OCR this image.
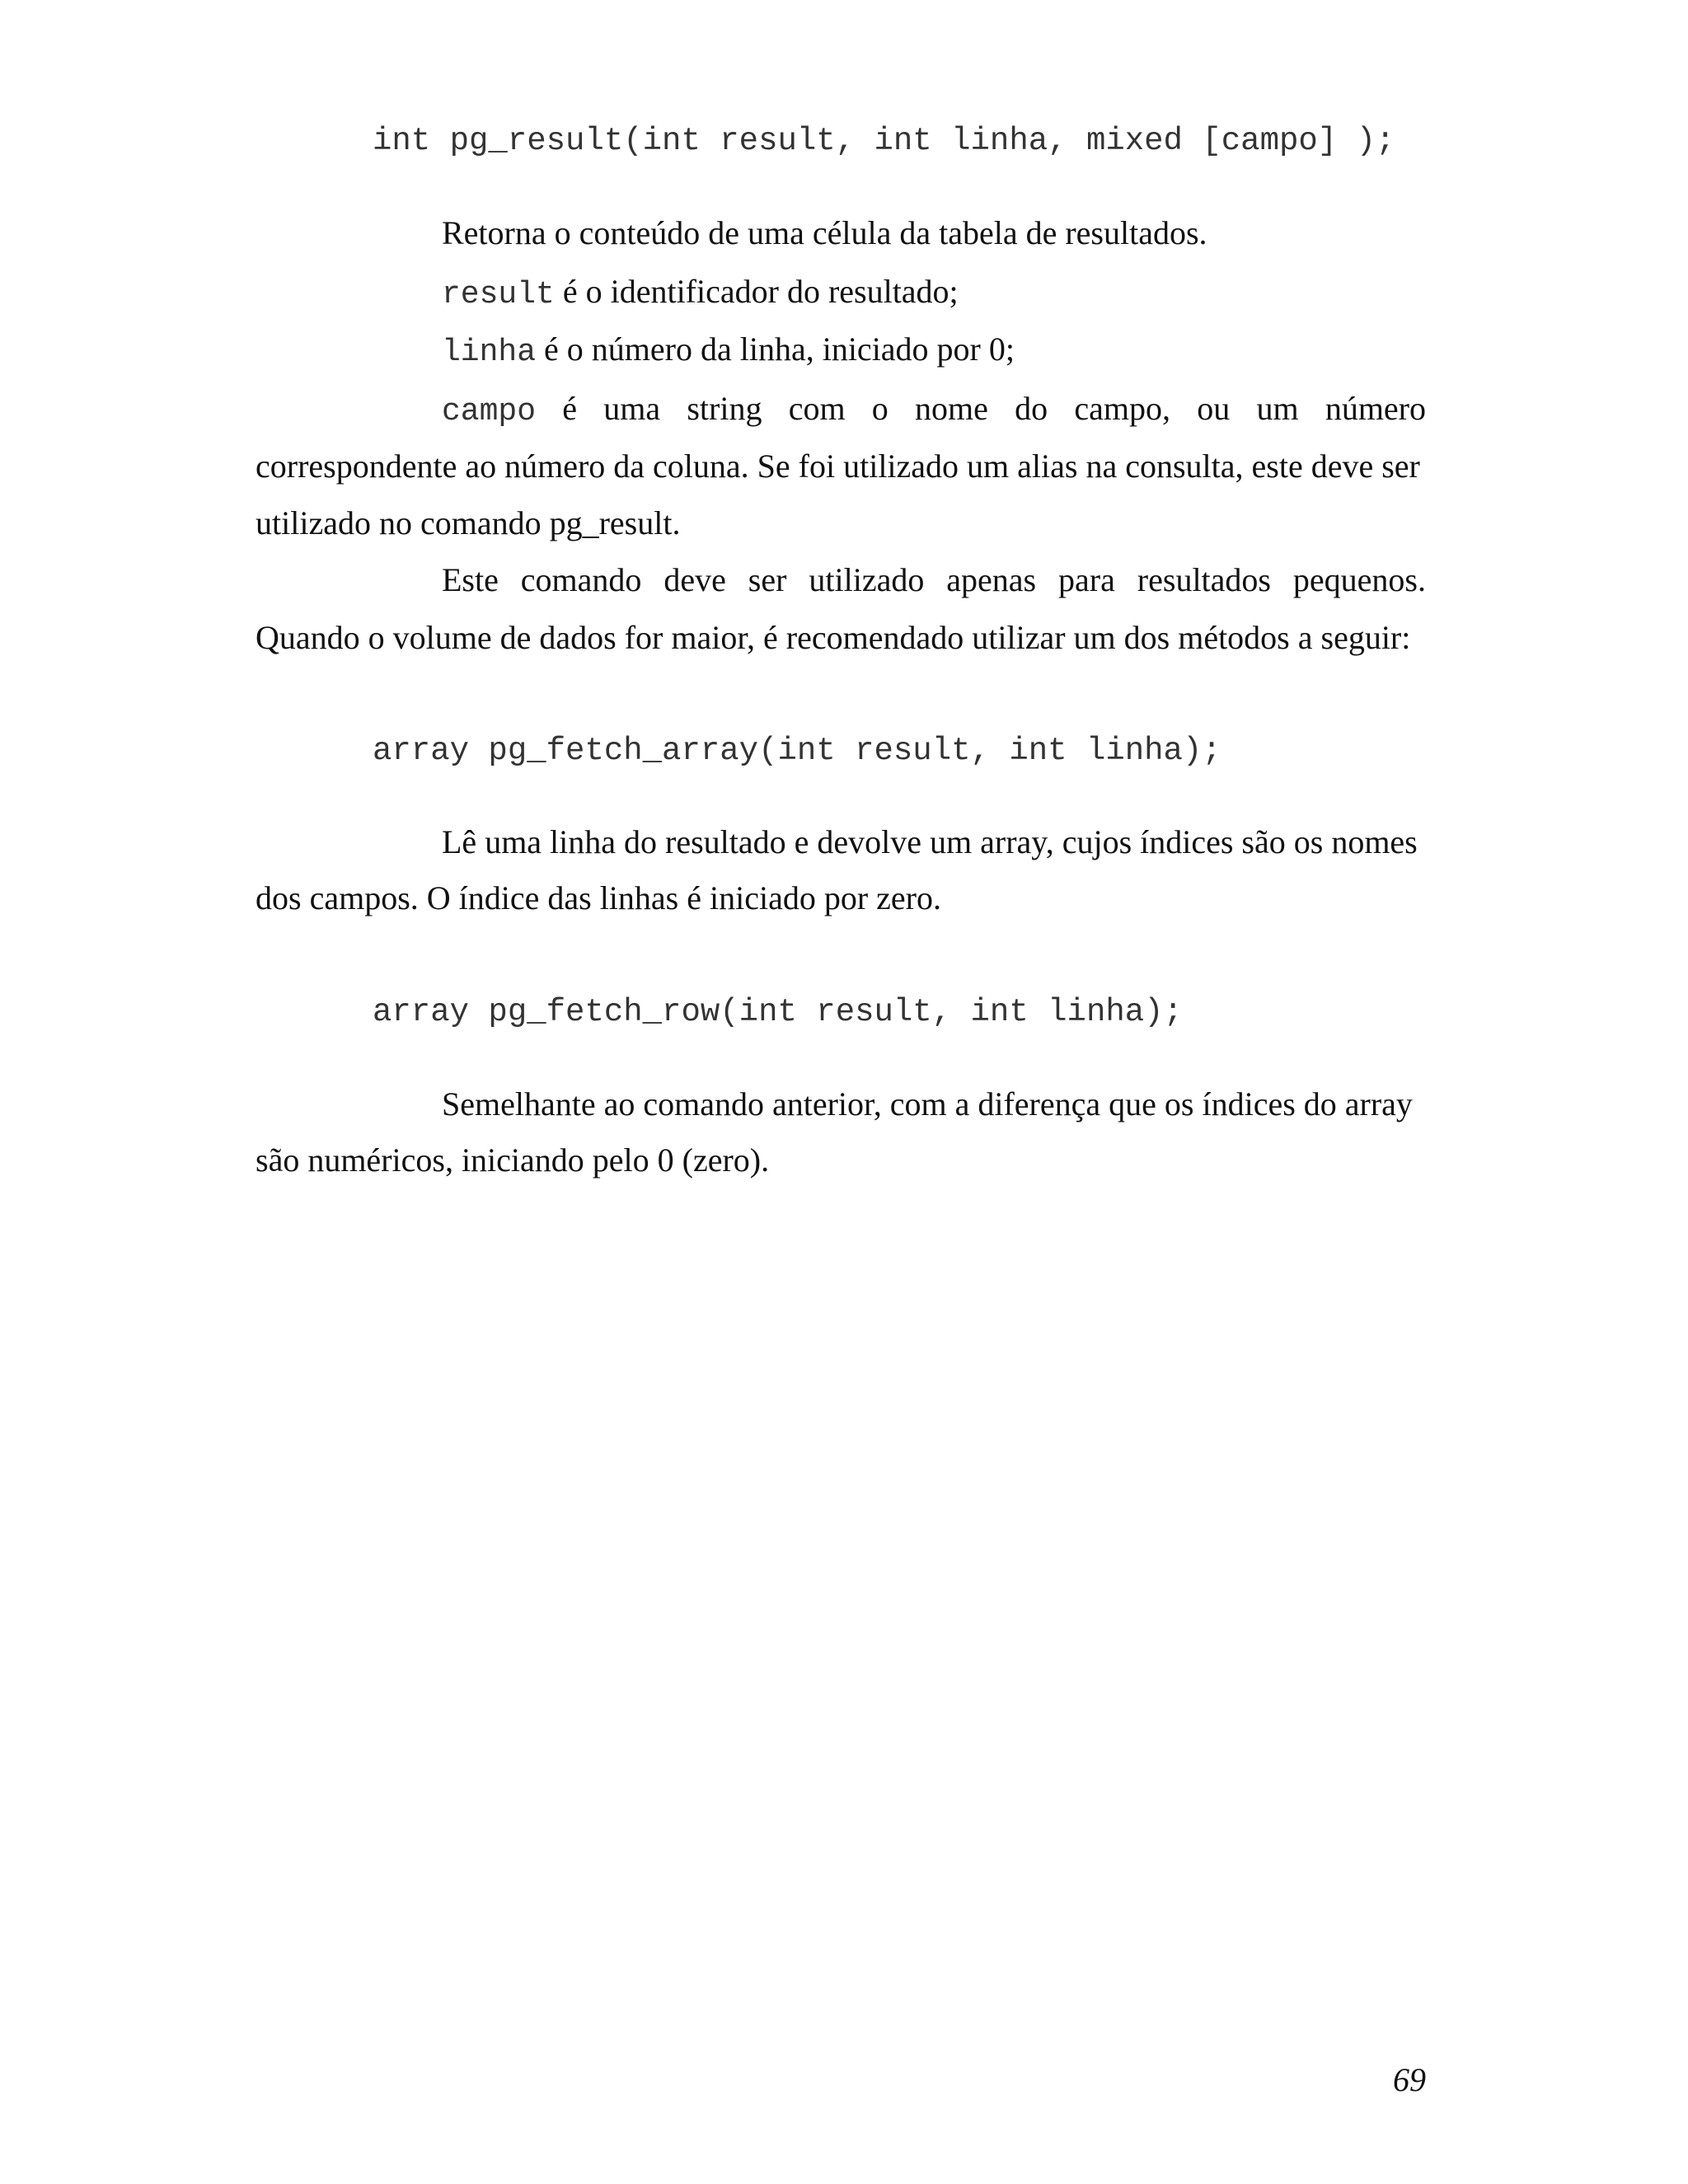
int pg_result(int result, int linha, mixed [campo] );
Retorna o conteúdo de uma célula da tabela de resultados.
result é o identificador do resultado;
linha é o número da linha, iniciado por 0;
campo é uma string com o nome do campo, ou um número
correspondente ao número da coluna. Se foi utilizado um alias na consulta, este deve ser
utilizado no comando pg_result.
Este comando deve ser utilizado apenas para resultados pequenos.
Quando o volume de dados for maior, é recomendado utilizar um dos métodos a seguir:
array pg_fetch_array(int result, int linha);
Lê uma linha do resultado e devolve um array, cujos índices são os nomes
dos campos. O índice das linhas é iniciado por zero.
array pg_fetch_row(int result, int linha);
Semelhante ao comando anterior, com a diferença que os índices do array
são numéricos, iniciando pelo 0 (zero).
69
